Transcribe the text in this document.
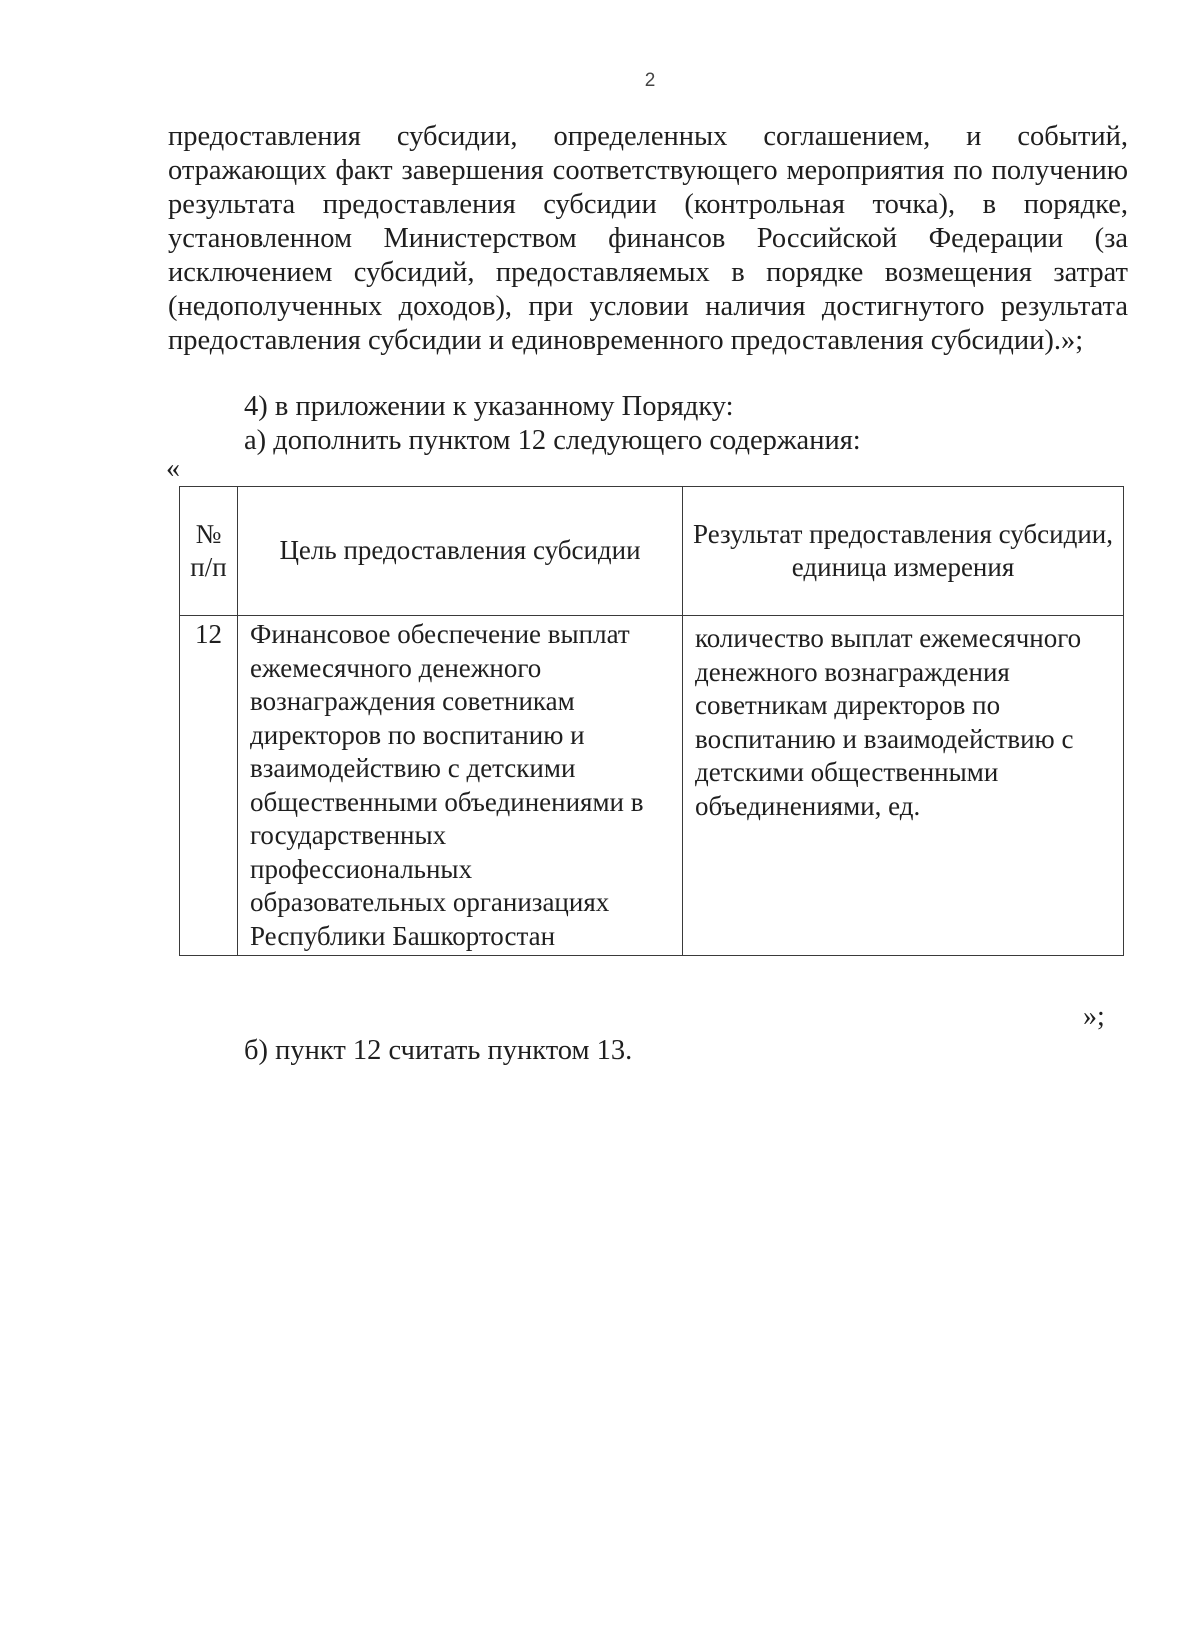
2

предоставления субсидии, определенных соглашением, и событий, отражающих факт завершения соответствующего мероприятия по получению результата предоставления субсидии (контрольная точка), в порядке, установленном Министерством финансов Российской Федерации (за исключением субсидий, предоставляемых в порядке возмещения затрат (недополученных доходов), при условии наличия достигнутого результата предоставления субсидии и единовременного предоставления субсидии).»;

4) в приложении к указанному Порядку:

а) дополнить пунктом 12 следующего содержания:

«
№ п/п	Цель предоставления субсидии	Результат предоставления субсидии, единица измерения
12	Финансовое обеспечение выплат ежемесячного денежного вознаграждения советникам директоров по воспитанию и взаимодействию с детскими общественными объединениями в государственных профессиональных образовательных организациях Республики Башкортостан	количество выплат ежемесячного денежного вознаграждения советникам директоров по воспитанию и взаимодействию с детскими общественными объединениями, ед.
»;

б) пункт 12 считать пунктом 13.
